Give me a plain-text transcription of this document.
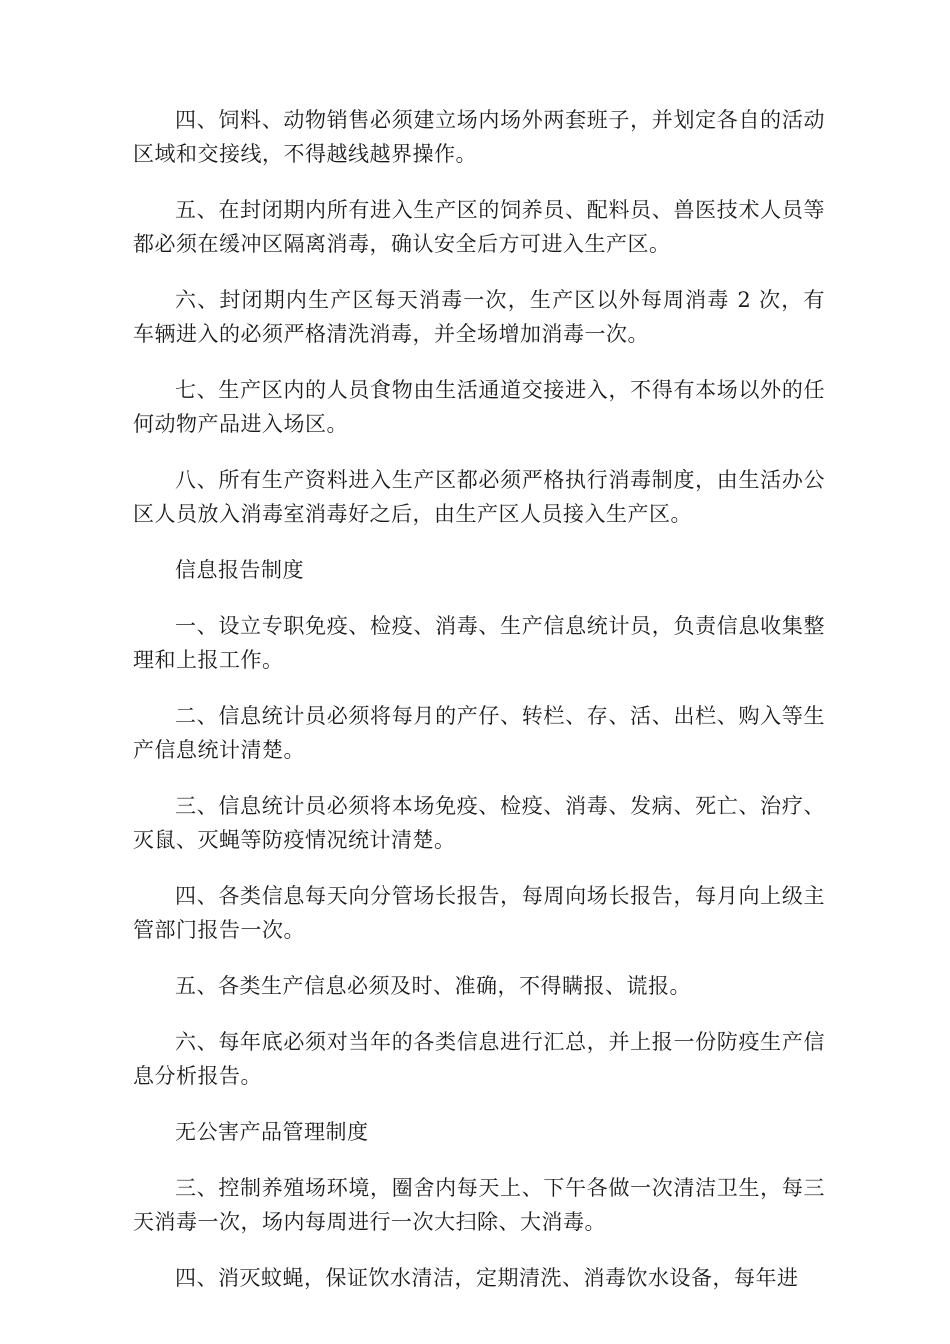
四、饲料、动物销售必须建立场内场外两套班子，并划定各自的活动区域和交接线，不得越线越界操作。

五、在封闭期内所有进入生产区的饲养员、配料员、兽医技术人员等都必须在缓冲区隔离消毒，确认安全后方可进入生产区。

六、封闭期内生产区每天消毒一次，生产区以外每周消毒 2 次，有车辆进入的必须严格清洗消毒，并全场增加消毒一次。

七、生产区内的人员食物由生活通道交接进入，不得有本场以外的任何动物产品进入场区。

八、所有生产资料进入生产区都必须严格执行消毒制度，由生活办公区人员放入消毒室消毒好之后，由生产区人员接入生产区。

信息报告制度

一、设立专职免疫、检疫、消毒、生产信息统计员，负责信息收集整理和上报工作。

二、信息统计员必须将每月的产仔、转栏、存、活、出栏、购入等生产信息统计清楚。

三、信息统计员必须将本场免疫、检疫、消毒、发病、死亡、治疗、灭鼠、灭蝇等防疫情况统计清楚。

四、各类信息每天向分管场长报告，每周向场长报告，每月向上级主管部门报告一次。

五、各类生产信息必须及时、准确，不得瞒报、谎报。

六、每年底必须对当年的各类信息进行汇总，并上报一份防疫生产信息分析报告。

无公害产品管理制度

三、控制养殖场环境，圈舍内每天上、下午各做一次清洁卫生，每三天消毒一次，场内每周进行一次大扫除、大消毒。

四、消灭蚊蝇，保证饮水清洁，定期清洗、消毒饮水设备，每年进
